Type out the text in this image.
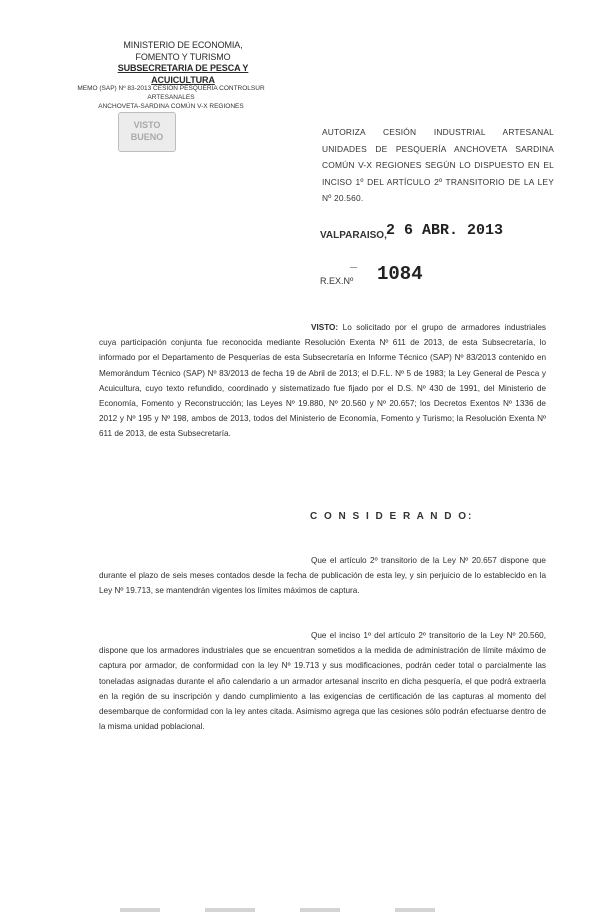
MINISTERIO DE ECONOMIA,
FOMENTO Y TURISMO
SUBSECRETARIA DE PESCA Y ACUICULTURA
MEMO (SAP) Nº 83-2013 CESIÓN PESQUERIA CONTROLSUR ARTESANALES
ANCHOVETA-SARDINA COMÚN V-X REGIONES
VISTO
BUENO	AUTORIZA CESIÓN INDUSTRIAL ARTESANAL UNIDADES DE PESQUERÍA ANCHOVETA SARDINA COMÚN V-X REGIONES SEGÚN LO DISPUESTO EN EL INCISO 1º DEL ARTÍCULO 2º TRANSITORIO DE LA LEY Nº 20.560.
VALPARAISO, 2 6 ABR. 2013
—
R.EX.Nº 1084
VISTO: Lo solicitado por el grupo de armadores industriales cuya participación conjunta fue reconocida mediante Resolución Exenta Nº 611 de 2013, de esta Subsecretaría, lo informado por el Departamento de Pesquerías de esta Subsecretaría en Informe Técnico (SAP) Nº 83/2013 contenido en Memorándum Técnico (SAP) Nº 83/2013 de fecha 19 de Abril de 2013; el D.F.L. Nº 5 de 1983; la Ley General de Pesca y Acuicultura, cuyo texto refundido, coordinado y sistematizado fue fijado por el D.S. Nº 430 de 1991, del Ministerio de Economía, Fomento y Reconstrucción; las Leyes Nº 19.880, Nº 20.560 y Nº 20.657; los Decretos Exentos Nº 1336 de 2012 y Nº 195 y Nº 198, ambos de 2013, todos del Ministerio de Economía, Fomento y Turismo; la Resolución Exenta Nº 611 de 2013, de esta Subsecretaría.
C O N S I D E R A N D O:
Que el artículo 2º transitorio de la Ley Nº 20.657 dispone que durante el plazo de seis meses contados desde la fecha de publicación de esta ley, y sin perjuicio de lo establecido en la Ley Nº 19.713, se mantendrán vigentes los límites máximos de captura.
Que el inciso 1º del artículo 2º transitorio de la Ley Nº 20.560, dispone que los armadores industriales que se encuentran sometidos a la medida de administración de límite máximo de captura por armador, de conformidad con la ley Nº 19.713 y sus modificaciones, podrán ceder total o parcialmente las toneladas asignadas durante el año calendario a un armador artesanal inscrito en dicha pesquería, el que podrá extraerla en la región de su inscripción y dando cumplimiento a las exigencias de certificación de las capturas al momento del desembarque de conformidad con la ley antes citada. Asimismo agrega que las cesiones sólo podrán efectuarse dentro de la misma unidad poblacional.
